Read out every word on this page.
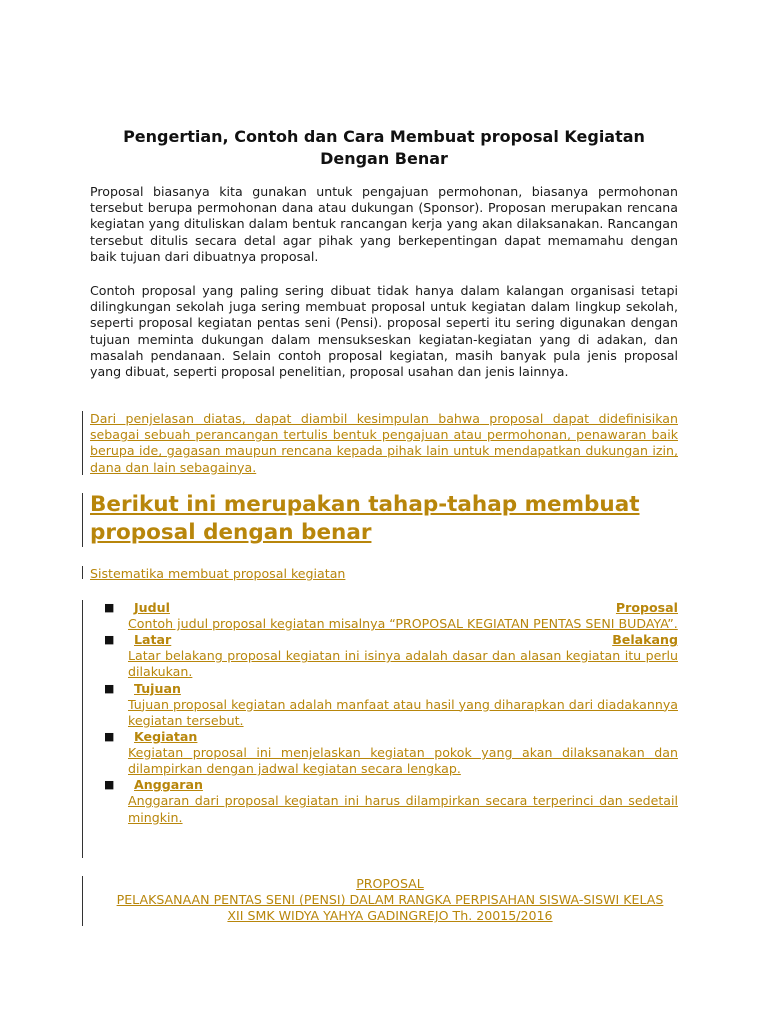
Pengertian, Contoh dan Cara Membuat proposal Kegiatan Dengan Benar
Proposal biasanya kita gunakan untuk pengajuan permohonan, biasanya permohonan tersebut berupa permohonan dana atau dukungan (Sponsor). Proposan merupakan rencana kegiatan yang dituliskan dalam bentuk rancangan kerja yang akan dilaksanakan. Rancangan tersebut ditulis secara detal agar pihak yang berkepentingan dapat memamahu dengan baik tujuan dari dibuatnya proposal.
Contoh proposal yang paling sering dibuat tidak hanya dalam kalangan organisasi tetapi dilingkungan sekolah juga sering membuat proposal untuk kegiatan dalam lingkup sekolah, seperti proposal kegiatan pentas seni (Pensi). proposal seperti itu sering digunakan dengan tujuan meminta dukungan dalam mensukseskan kegiatan-kegiatan yang di adakan, dan masalah pendanaan. Selain contoh proposal kegiatan, masih banyak pula jenis proposal yang dibuat, seperti proposal penelitian, proposal usahan dan jenis lainnya.
Dari penjelasan diatas, dapat diambil kesimpulan bahwa proposal dapat didefinisikan sebagai sebuah perancangan tertulis bentuk pengajuan atau permohonan, penawaran baik berupa ide, gagasan maupun rencana kepada pihak lain untuk mendapatkan dukungan izin, dana dan lain sebagainya.
Berikut ini merupakan tahap-tahap membuat proposal dengan benar
Sistematika membuat proposal kegiatan
■ Judul	Proposal
Contoh judul proposal kegiatan misalnya “PROPOSAL KEGIATAN PENTAS SENI BUDAYA”.
■ Latar	Belakang
Latar belakang proposal kegiatan ini isinya adalah dasar dan alasan kegiatan itu perlu dilakukan.
■ Tujuan
Tujuan proposal kegiatan adalah manfaat atau hasil yang diharapkan dari diadakannya kegiatan tersebut.
■ Kegiatan
Kegiatan proposal ini menjelaskan kegiatan pokok yang akan dilaksanakan dan dilampirkan dengan jadwal kegiatan secara lengkap.
■ Anggaran
Anggaran dari proposal kegiatan ini harus dilampirkan secara terperinci dan sedetail mingkin.
PROPOSAL
PELAKSANAAN PENTAS SENI (PENSI) DALAM RANGKA PERPISAHAN SISWA-SISWI KELAS
XII SMK WIDYA YAHYA GADINGREJO Th. 20015/2016
